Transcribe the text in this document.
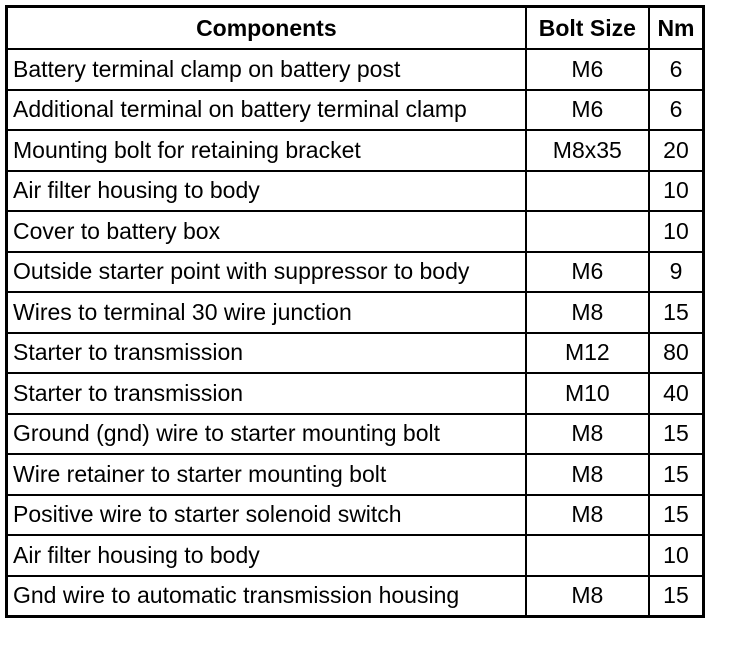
Components	Bolt Size	Nm
Battery terminal clamp on battery post	M6	6
Additional terminal on battery terminal clamp	M6	6
Mounting bolt for retaining bracket	M8x35	20
Air filter housing to body		10
Cover to battery box		10
Outside starter point with suppressor to body	M6	9
Wires to terminal 30 wire junction	M8	15
Starter to transmission	M12	80
Starter to transmission	M10	40
Ground (gnd) wire to starter mounting bolt	M8	15
Wire retainer to starter mounting bolt	M8	15
Positive wire to starter solenoid switch	M8	15
Air filter housing to body		10
Gnd wire to automatic transmission housing	M8	15
